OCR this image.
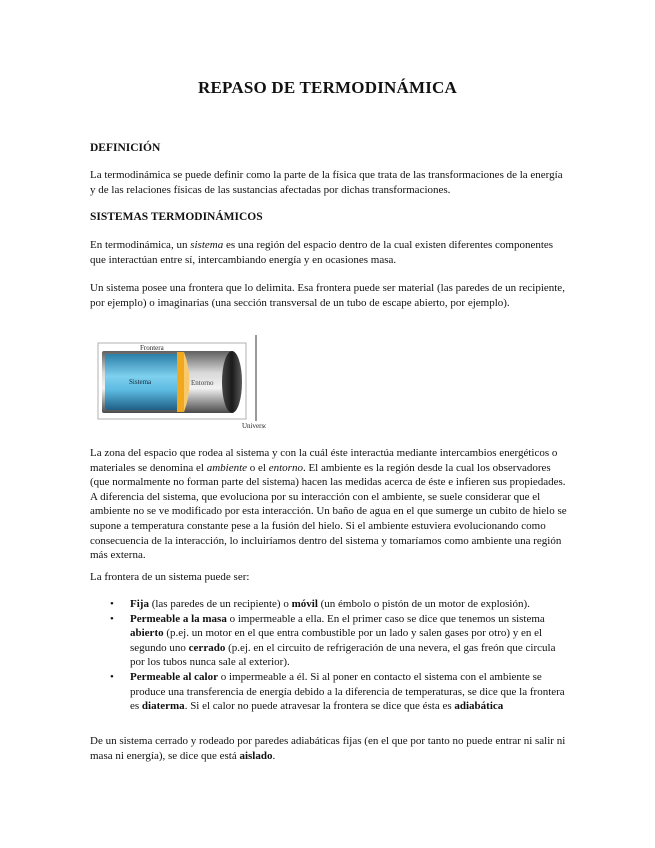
REPASO DE TERMODINÁMICA
DEFINICIÓN

La termodinámica se puede definir como la parte de la física que trata de las transformaciones de la energía y de las relaciones físicas de las sustancias afectadas por dichas transformaciones.

SISTEMAS TERMODINÁMICOS

En termodinámica, un sistema es una región del espacio dentro de la cual existen diferentes componentes que interactúan entre sí, intercambiando energía y en ocasiones masa.

Un sistema posee una frontera que lo delimita. Esa frontera puede ser material (las paredes de un recipiente, por ejemplo) o imaginarias (una sección transversal de un tubo de escape abierto, por ejemplo).

Frontera
Sistema	Entorno
Universo

La zona del espacio que rodea al sistema y con la cuál éste interactúa mediante intercambios energéticos o materiales se denomina el ambiente o el entorno. El ambiente es la región desde la cual los observadores (que normalmente no forman parte del sistema) hacen las medidas acerca de éste e infieren sus propiedades. A diferencia del sistema, que evoluciona por su interacción con el ambiente, se suele considerar que el ambiente no se ve modificado por esta interacción. Un baño de agua en el que sumerge un cubito de hielo se supone a temperatura constante pese a la fusión del hielo. Si el ambiente estuviera evolucionando como consecuencia de la interacción, lo incluiríamos dentro del sistema y tomaríamos como ambiente una región más externa.

La frontera de un sistema puede ser:

• Fija (las paredes de un recipiente) o móvil (un émbolo o pistón de un motor de explosión).
• Permeable a la masa o impermeable a ella. En el primer caso se dice que tenemos un sistema abierto (p.ej. un motor en el que entra combustible por un lado y salen gases por otro) y en el segundo uno cerrado (p.ej. en el circuito de refrigeración de una nevera, el gas freón que circula por los tubos nunca sale al exterior).
• Permeable al calor o impermeable a él. Si al poner en contacto el sistema con el ambiente se produce una transferencia de energía debido a la diferencia de temperaturas, se dice que la frontera es diaterma. Si el calor no puede atravesar la frontera se dice que ésta es adiabática

De un sistema cerrado y rodeado por paredes adiabáticas fijas (en el que por tanto no puede entrar ni salir ni masa ni energía), se dice que está aislado.
